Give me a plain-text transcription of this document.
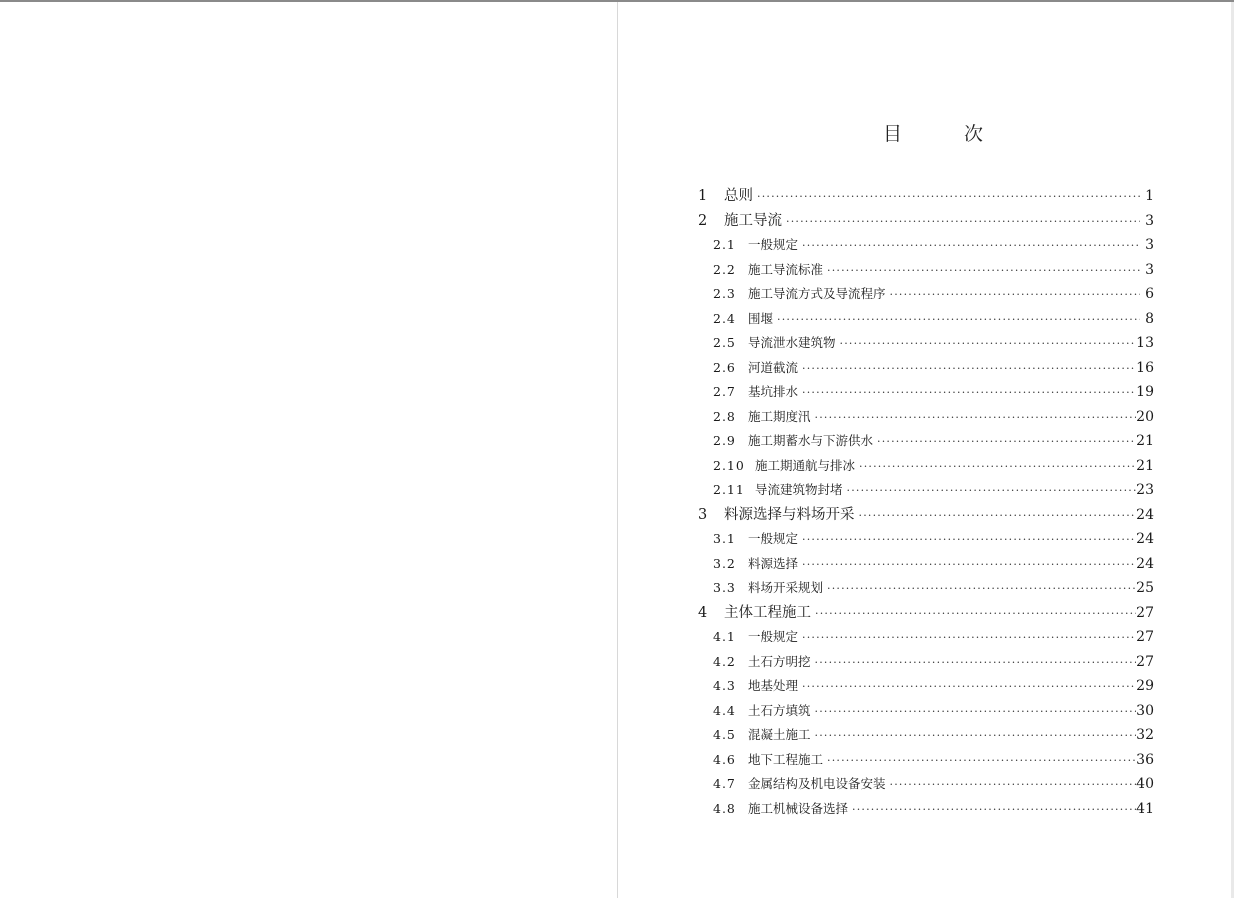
目	次
1	总则 ·····	1
2	施工导流 ·····	3
2.1 一般规定 ·····	3
2.2 施工导流标准 ·····	3
2.3 施工导流方式及导流程序 ·····	6
2.4 围堰 ·····	8
2.5 导流泄水建筑物 ·····	13
2.6 河道截流 ·····	16
2.7 基坑排水 ·····	19
2.8 施工期度汛 ·····	20
2.9 施工期蓄水与下游供水 ·····	21
2.10 施工期通航与排冰 ·····	21
2.11 导流建筑物封堵 ·····	23
3	料源选择与料场开采 ·····	24
3.1 一般规定 ·····	24
3.2 料源选择 ·····	24
3.3 料场开采规划 ·····	25
4	主体工程施工 ·····	27
4.1 一般规定 ·····	27
4.2 土石方明挖 ·····	27
4.3 地基处理 ·····	29
4.4 土石方填筑 ·····	30
4.5 混凝土施工 ·····	32
4.6 地下工程施工 ·····	36
4.7 金属结构及机电设备安装 ·····	40
4.8 施工机械设备选择 ·····	41
